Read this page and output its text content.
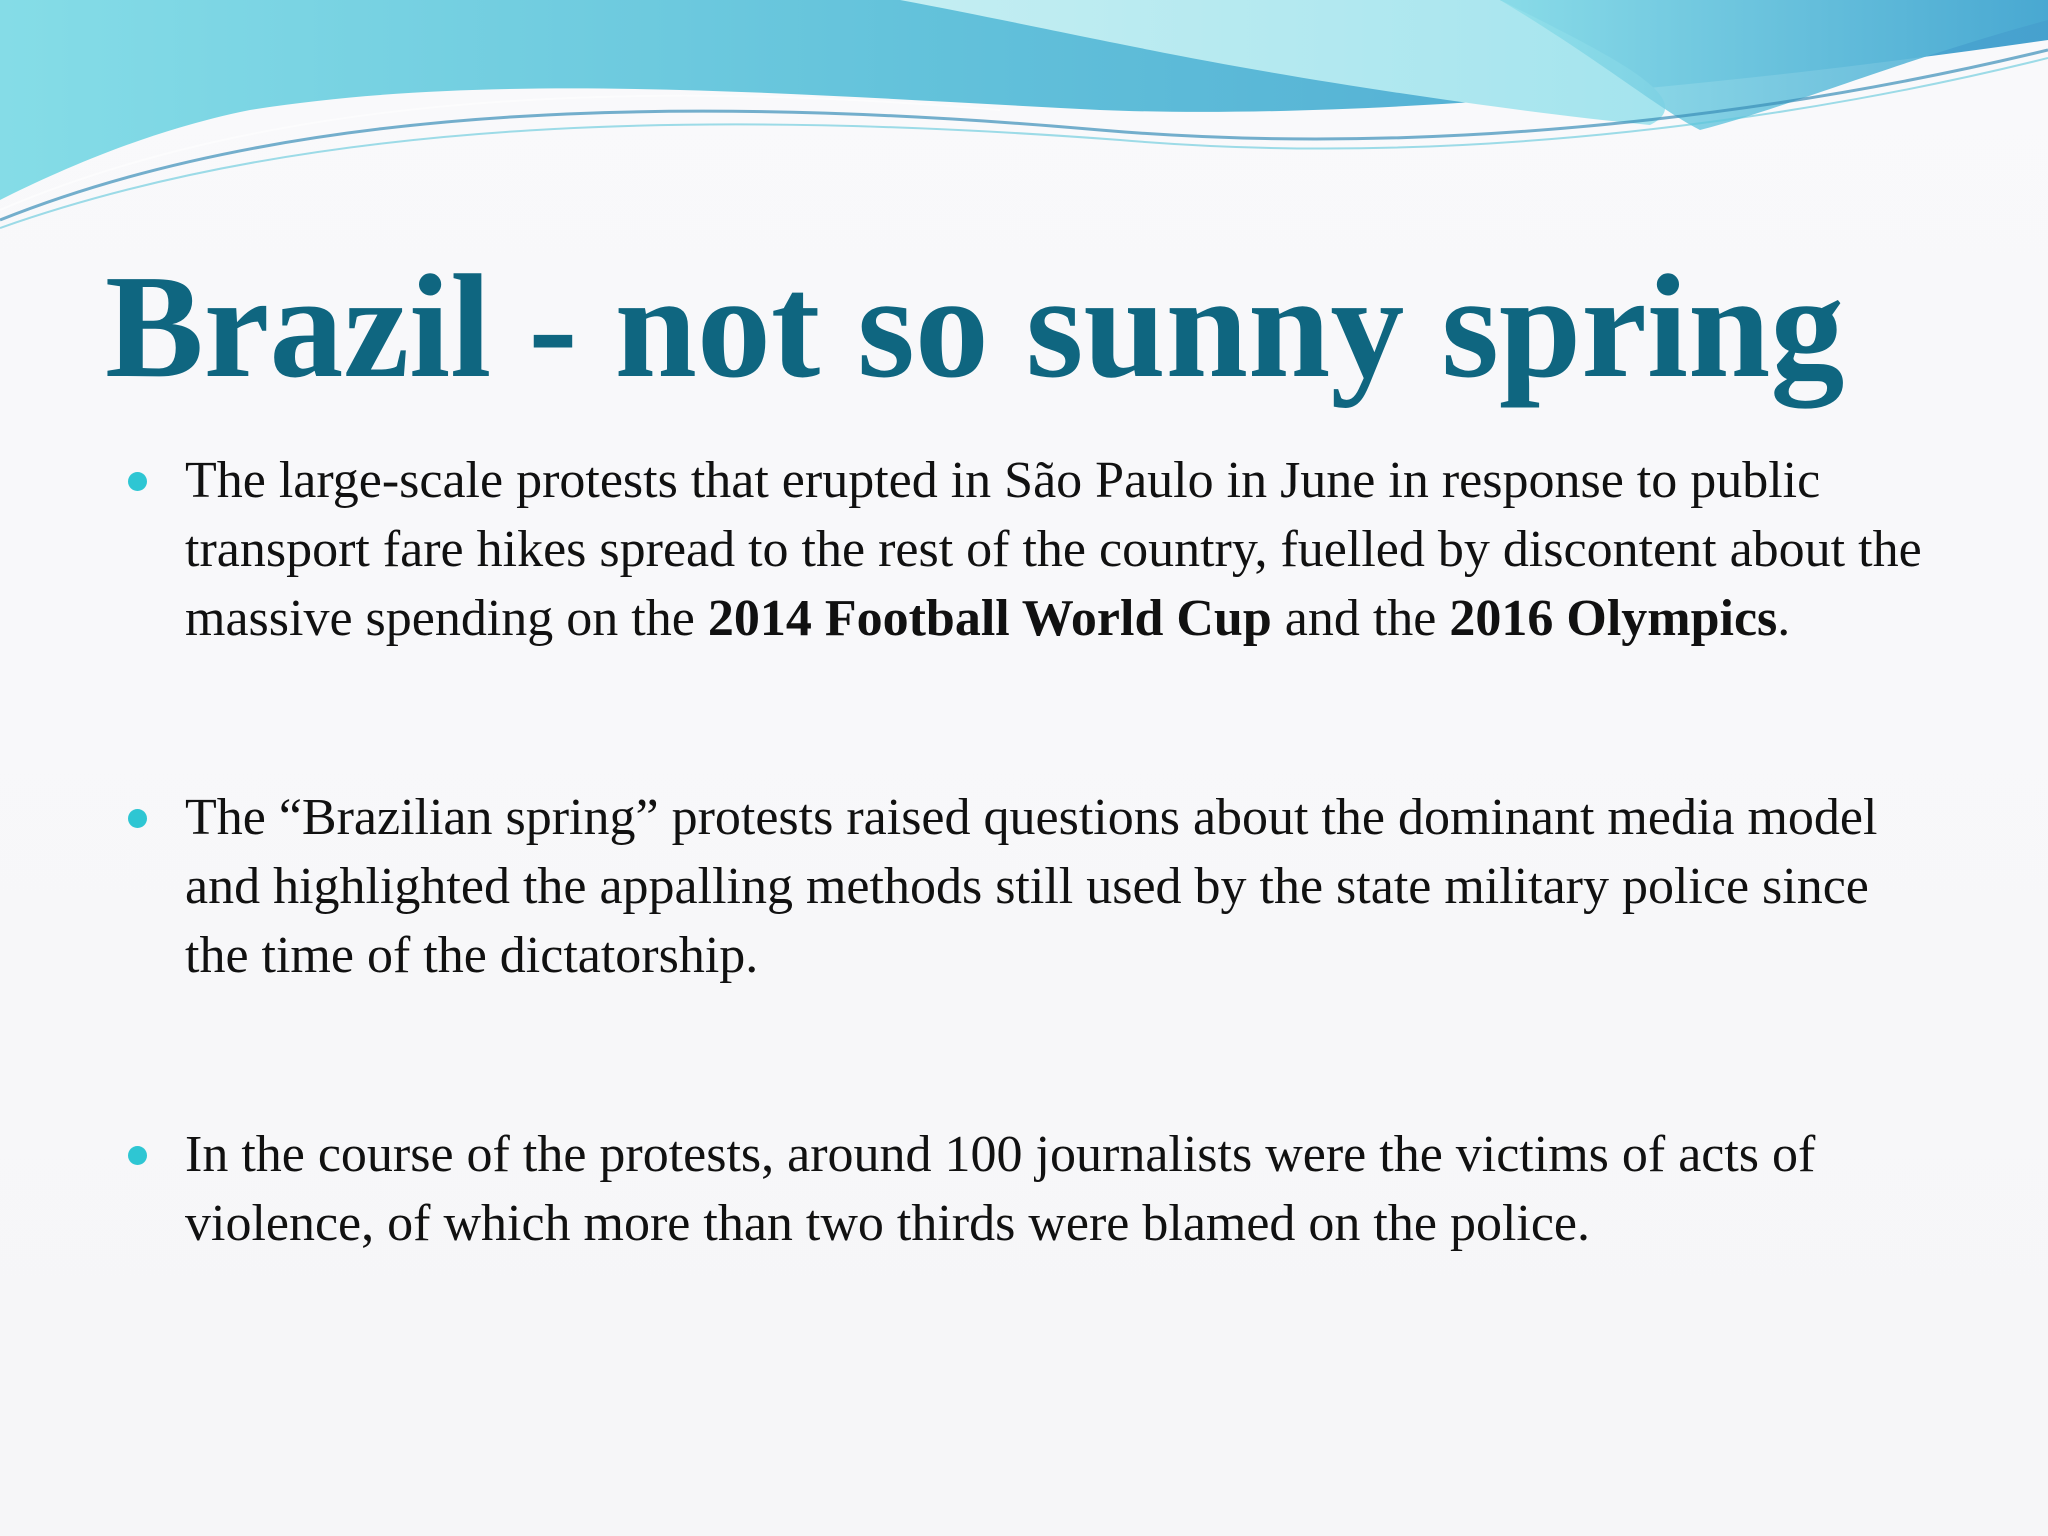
Brazil - not so sunny spring
The large-scale protests that erupted in São Paulo in June in response to public transport fare hikes spread to the rest of the country, fuelled by discontent about the massive spending on the 2014 Football World Cup and the 2016 Olympics.
The “Brazilian spring” protests raised questions about the dominant media model and highlighted the appalling methods still used by the state military police since the time of the dictatorship.
In the course of the protests, around 100 journalists were the victims of acts of violence, of which more than two thirds were blamed on the police.
